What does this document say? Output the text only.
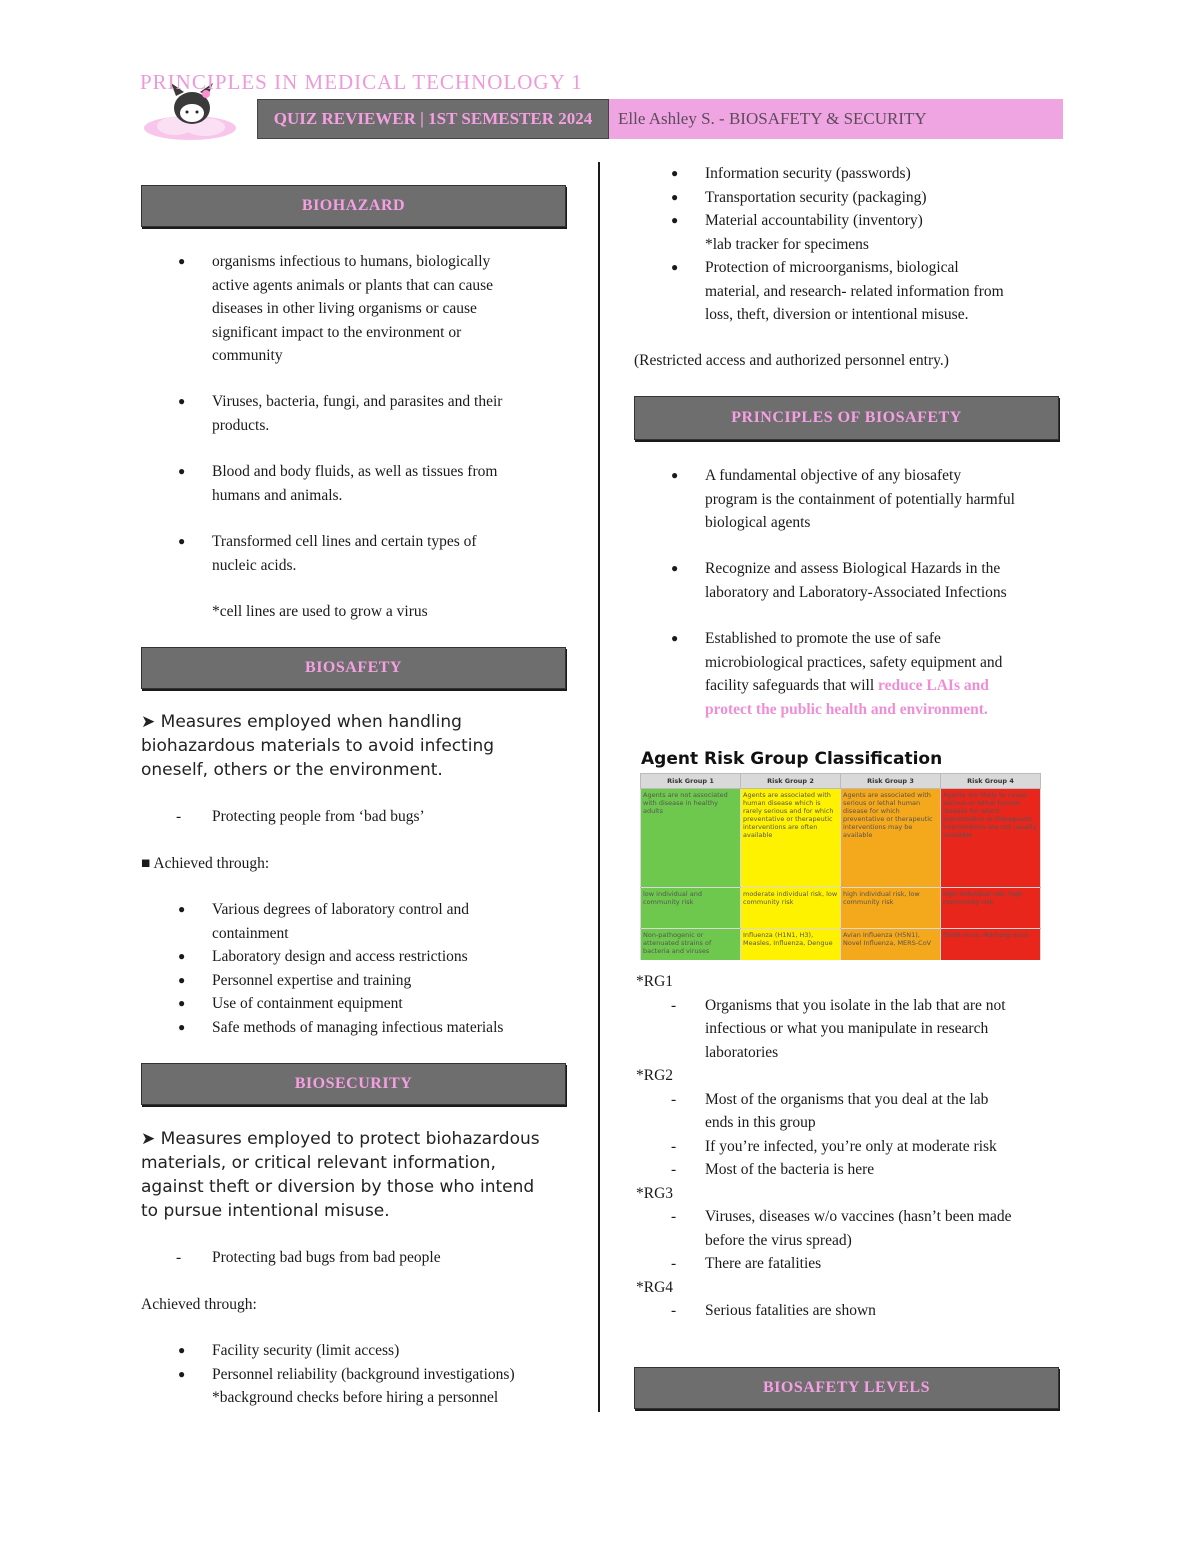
PRINCIPLES IN MEDICAL TECHNOLOGY 1
QUIZ REVIEWER | 1ST SEMESTER 2024	Elle Ashley S. - BIOSAFETY & SECURITY
BIOHAZARD
● organisms infectious to humans, biologically
active agents animals or plants that can cause
diseases in other living organisms or cause
significant impact to the environment or
community
● Viruses, bacteria, fungi, and parasites and their
products.
● Blood and body fluids, as well as tissues from
humans and animals.
● Transformed cell lines and certain types of
nucleic acids.
*cell lines are used to grow a virus
BIOSAFETY
➤ Measures employed when handling
biohazardous materials to avoid infecting
oneself, others or the environment.
- Protecting people from ‘bad bugs’
■ Achieved through:
● Various degrees of laboratory control and
containment
● Laboratory design and access restrictions
● Personnel expertise and training
● Use of containment equipment
● Safe methods of managing infectious materials
BIOSECURITY
➤ Measures employed to protect biohazardous
materials, or critical relevant information,
against theft or diversion by those who intend
to pursue intentional misuse.
- Protecting bad bugs from bad people
Achieved through:
● Facility security (limit access)
● Personnel reliability (background investigations)
*background checks before hiring a personnel
● Information security (passwords)
● Transportation security (packaging)
● Material accountability (inventory)
*lab tracker for specimens
● Protection of microorganisms, biological
material, and research- related information from
loss, theft, diversion or intentional misuse.
(Restricted access and authorized personnel entry.)
PRINCIPLES OF BIOSAFETY
● A fundamental objective of any biosafety
program is the containment of potentially harmful
biological agents
● Recognize and assess Biological Hazards in the
laboratory and Laboratory-Associated Infections
● Established to promote the use of safe
microbiological practices, safety equipment and
facility safeguards that will reduce LAIs and
protect the public health and environment.
Agent Risk Group Classification
Risk Group 1	Risk Group 2	Risk Group 3	Risk Group 4
Agents are not associated with disease in healthy adults	Agents are associated with human disease which is rarely serious and for which preventative or therapeutic interventions are often available	Agents are associated with serious or lethal human disease for which preventative or therapeutic interventions may be available	Agents are likely to cause serious or lethal human disease for which preventative or therapeutic interventions are not usually available
low individual and community risk	moderate individual risk, low community risk	high individual risk, low community risk	high individual risk, high community risk
Non-pathogenic or attenuated strains of bacteria and viruses	Influenza (H1N1, H3), Measles, Influenza, Dengue	Avian Influenza (H5N1), Novel Influenza, MERS-CoV	Ebola virus, Marburg virus
*RG1
- Organisms that you isolate in the lab that are not
infectious or what you manipulate in research
laboratories
*RG2
- Most of the organisms that you deal at the lab
ends in this group
- If you’re infected, you’re only at moderate risk
- Most of the bacteria is here
*RG3
- Viruses, diseases w/o vaccines (hasn’t been made
before the virus spread)
- There are fatalities
*RG4
- Serious fatalities are shown
BIOSAFETY LEVELS
